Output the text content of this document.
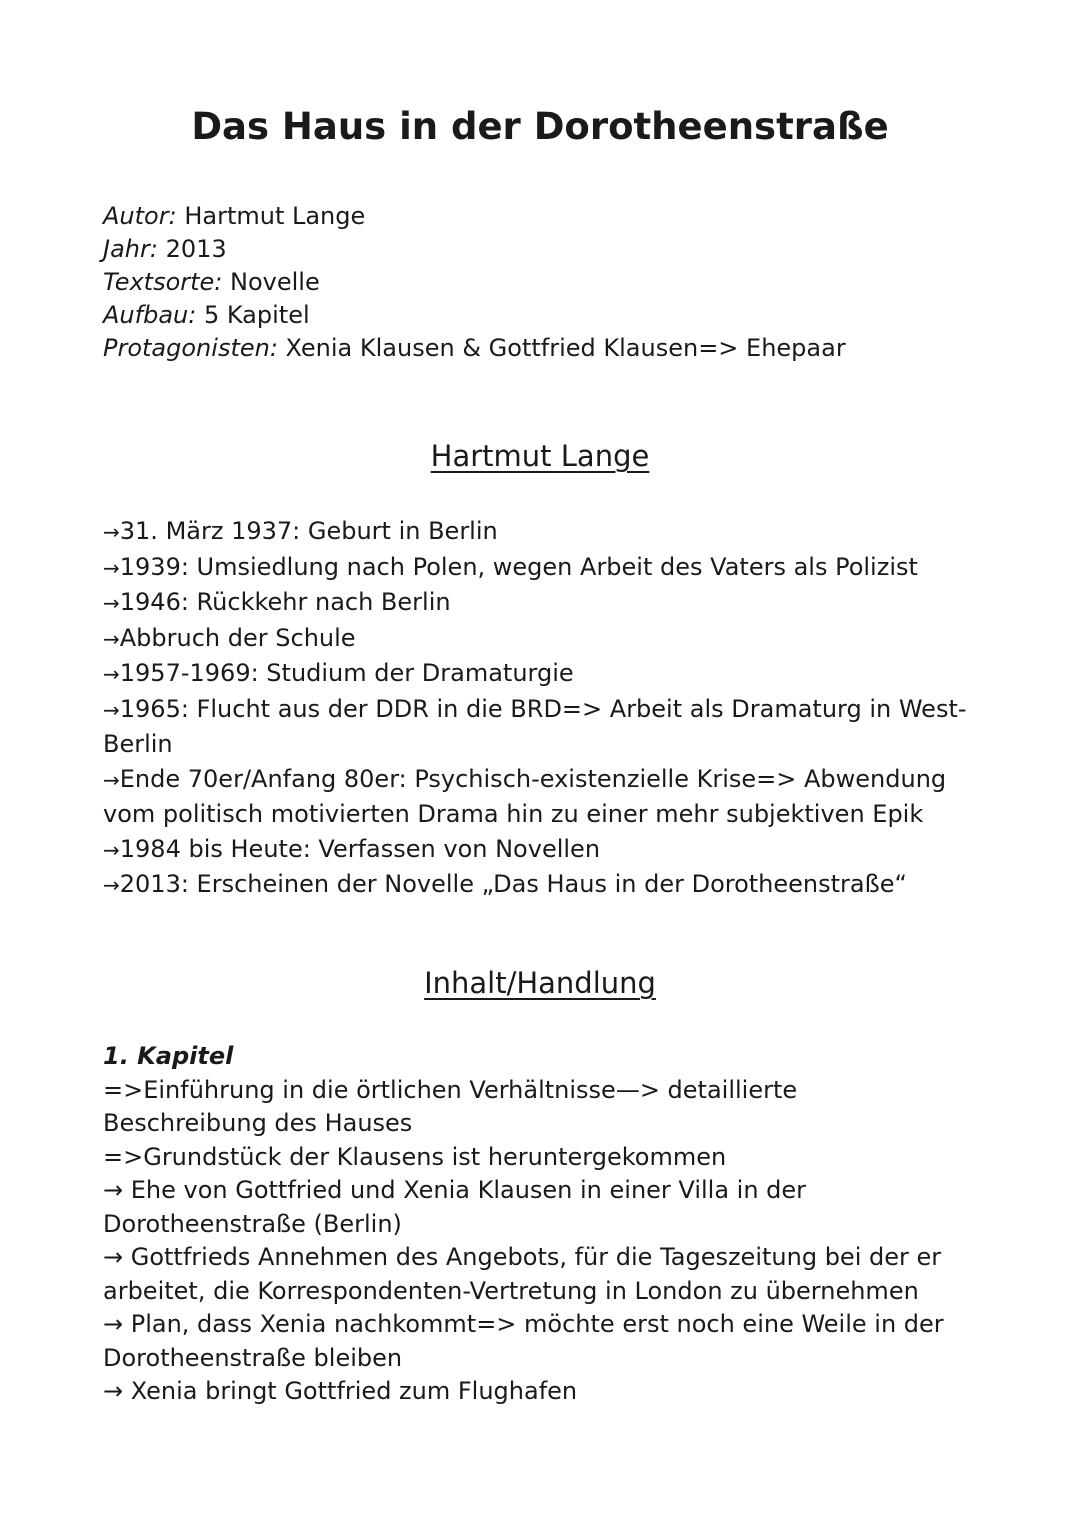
Das Haus in der Dorotheenstraße
Autor: Hartmut Lange
Jahr: 2013
Textsorte: Novelle
Aufbau: 5 Kapitel
Protagonisten: Xenia Klausen & Gottfried Klausen=> Ehepaar
Hartmut Lange
→31. März 1937: Geburt in Berlin
→1939: Umsiedlung nach Polen, wegen Arbeit des Vaters als Polizist
→1946: Rückkehr nach Berlin
→Abbruch der Schule
→1957-1969: Studium der Dramaturgie
→1965: Flucht aus der DDR in die BRD=> Arbeit als Dramaturg in West-Berlin
→Ende 70er/Anfang 80er: Psychisch-existenzielle Krise=> Abwendung vom politisch motivierten Drama hin zu einer mehr subjektiven Epik
→1984 bis Heute: Verfassen von Novellen
→2013: Erscheinen der Novelle „Das Haus in der Dorotheenstraße“
Inhalt/Handlung
1. Kapitel
=>Einführung in die örtlichen Verhältnisse—> detaillierte Beschreibung des Hauses
=>Grundstück der Klausens ist heruntergekommen
→ Ehe von Gottfried und Xenia Klausen in einer Villa in der Dorotheenstraße (Berlin)
→ Gottfrieds Annehmen des Angebots, für die Tageszeitung bei der er arbeitet, die Korrespondenten-Vertretung in London zu übernehmen
→ Plan, dass Xenia nachkommt=> möchte erst noch eine Weile in der Dorotheenstraße bleiben
→ Xenia bringt Gottfried zum Flughafen
